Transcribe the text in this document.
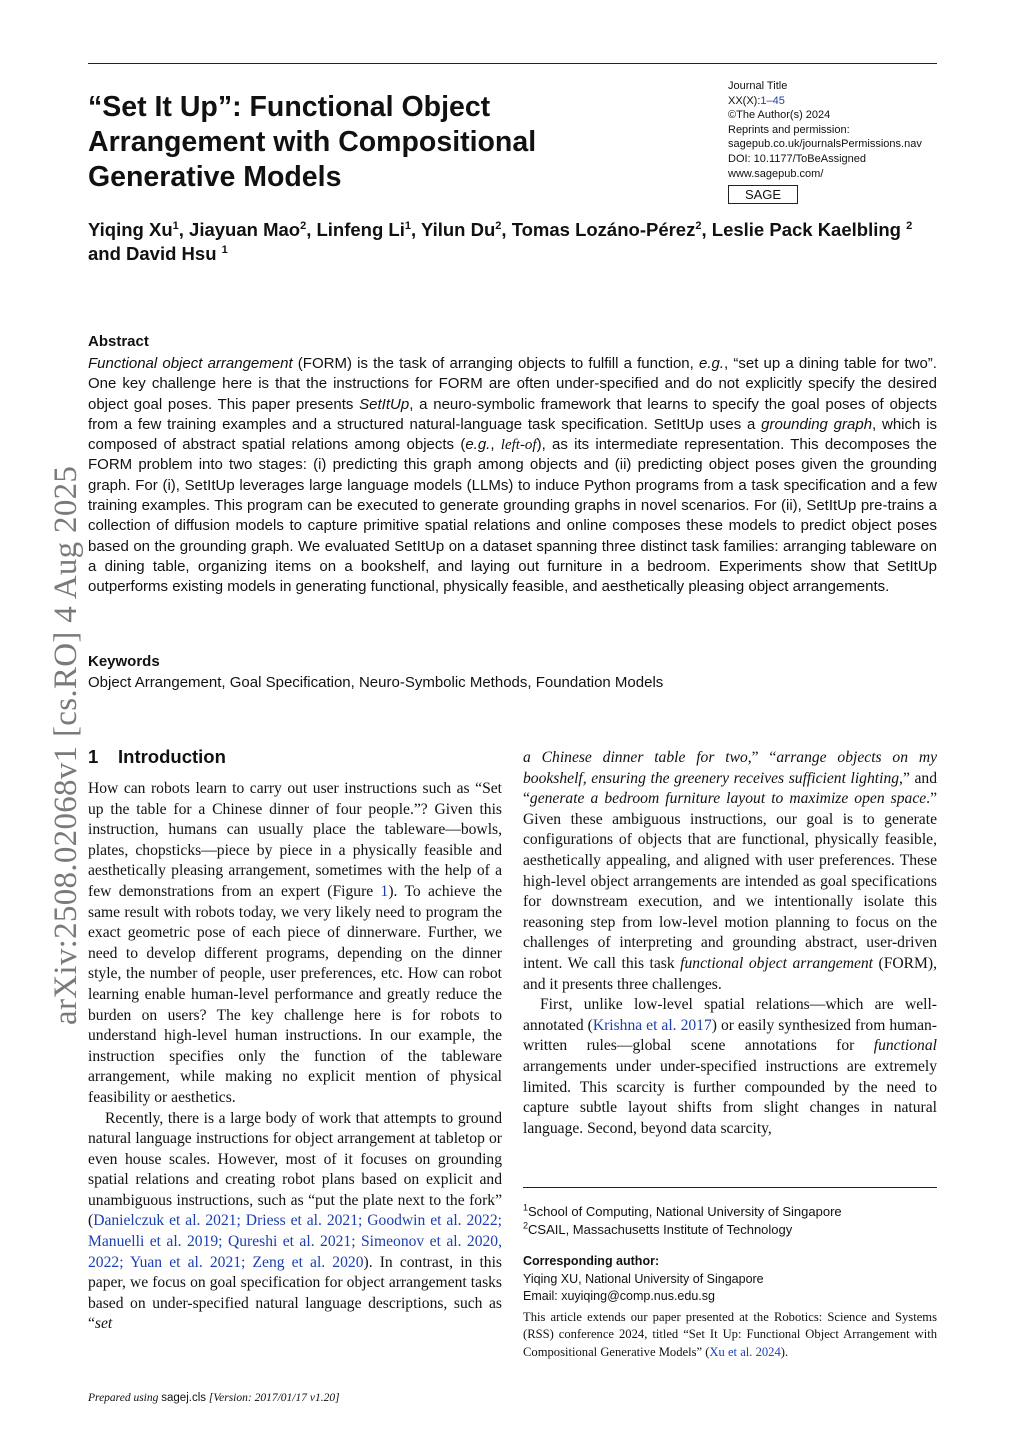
“Set It Up”: Functional Object Arrangement with Compositional Generative Models
Journal Title
XX(X):1–45
©The Author(s) 2024
Reprints and permission:
sagepub.co.uk/journalsPermissions.nav
DOI: 10.1177/ToBeAssigned
www.sagepub.com/
SAGE
Yiqing Xu$^1$, Jiayuan Mao$^2$, Linfeng Li$^1$, Yilun Du$^2$, Tomas Lozáno-Pérez$^2$, Leslie Pack Kaelbling $^2$ and David Hsu $^1$
Abstract
Functional object arrangement (FORM) is the task of arranging objects to fulfill a function, e.g., “set up a dining table for two”. One key challenge here is that the instructions for FORM are often under-specified and do not explicitly specify the desired object goal poses. This paper presents SetItUp, a neuro-symbolic framework that learns to specify the goal poses of objects from a few training examples and a structured natural-language task specification. SetItUp uses a grounding graph, which is composed of abstract spatial relations among objects (e.g., left-of), as its intermediate representation. This decomposes the FORM problem into two stages: (i) predicting this graph among objects and (ii) predicting object poses given the grounding graph. For (i), SetItUp leverages large language models (LLMs) to induce Python programs from a task specification and a few training examples. This program can be executed to generate grounding graphs in novel scenarios. For (ii), SetItUp pre-trains a collection of diffusion models to capture primitive spatial relations and online composes these models to predict object poses based on the grounding graph. We evaluated SetItUp on a dataset spanning three distinct task families: arranging tableware on a dining table, organizing items on a bookshelf, and laying out furniture in a bedroom. Experiments show that SetItUp outperforms existing models in generating functional, physically feasible, and aesthetically pleasing object arrangements.
Keywords
Object Arrangement, Goal Specification, Neuro-Symbolic Methods, Foundation Models
arXiv:2508.02068v1 [cs.RO] 4 Aug 2025 1 Introduction

How can robots learn to carry out user instructions such as “Set up the table for a Chinese dinner of four people.”? Given this instruction, humans can usually place the tableware—bowls, plates, chopsticks—piece by piece in a physically feasible and aesthetically pleasing arrangement, sometimes with the help of a few demonstrations from an expert (Figure 1). To achieve the same result with robots today, we very likely need to program the exact geometric pose of each piece of dinnerware. Further, we need to develop different programs, depending on the dinner style, the number of people, user preferences, etc. How can robot learning enable human-level performance and greatly reduce the burden on users? The key challenge here is for robots to understand high-level human instructions. In our example, the instruction specifies only the function of the tableware arrangement, while making no explicit mention of physical feasibility or aesthetics.

Recently, there is a large body of work that attempts to ground natural language instructions for object arrangement at tabletop or even house scales. However, most of it focuses on grounding spatial relations and creating robot plans based on explicit and unambiguous instructions, such as “put the plate next to the fork” (Danielczuk et al. 2021; Driess et al. 2021; Goodwin et al. 2022; Manuelli et al. 2019; Qureshi et al. 2021; Simeonov et al. 2020, 2022; Yuan et al. 2021; Zeng et al. 2020). In contrast, in this paper, we focus on goal specification for object arrangement tasks based on under-specified natural language descriptions, such as “set

a Chinese dinner table for two,” “arrange objects on my bookshelf, ensuring the greenery receives sufficient lighting,” and “generate a bedroom furniture layout to maximize open space.” Given these ambiguous instructions, our goal is to generate configurations of objects that are functional, physically feasible, aesthetically appealing, and aligned with user preferences. These high-level object arrangements are intended as goal specifications for downstream execution, and we intentionally isolate this reasoning step from low-level motion planning to focus on the challenges of interpreting and grounding abstract, user-driven intent. We call this task functional object arrangement (FORM), and it presents three challenges.

First, unlike low-level spatial relations—which are well-annotated (Krishna et al. 2017) or easily synthesized from human-written rules—global scene annotations for functional arrangements under under-specified instructions are extremely limited. This scarcity is further compounded by the need to capture subtle layout shifts from slight changes in natural language. Second, beyond data scarcity,

$^1$School of Computing, National University of Singapore
$^2$CSAIL, Massachusetts Institute of Technology
Corresponding author:
Yiqing XU, National University of Singapore
Email: xuyiqing@comp.nus.edu.sg
This article extends our paper presented at the Robotics: Science and Systems (RSS) conference 2024, titled “Set It Up: Functional Object Arrangement with Compositional Generative Models” (Xu et al. 2024).
Prepared using sagej.cls [Version: 2017/01/17 v1.20]
